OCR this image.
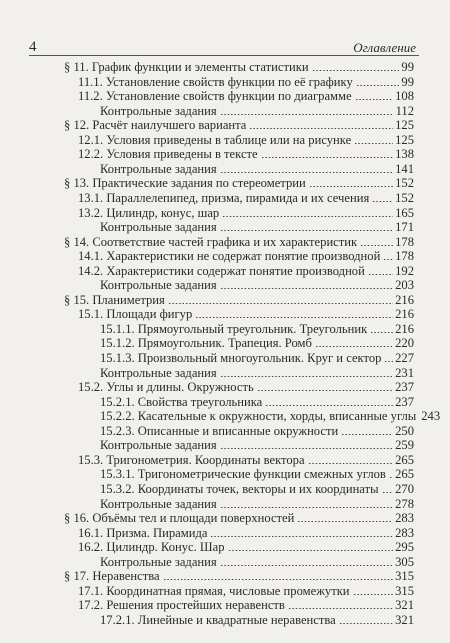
4	Оглавление
§ 11. График функции и элементы статистики	99
11.1. Установление свойств функции по её графику	99
11.2. Установление свойств функции по диаграмме	108
Контрольные задания	112
§ 12. Расчёт наилучшего варианта	125
12.1. Условия приведены в таблице или на рисунке	125
12.2. Условия приведены в тексте	138
Контрольные задания	141
§ 13. Практические задания по стереометрии	152
13.1. Параллелепипед, призма, пирамида и их сечения 152
13.2. Цилиндр, конус, шар	165
Контрольные задания	171
§ 14. Соответствие частей графика и их характеристик	178
14.1. Характеристики не содержат понятие производной 178
14.2. Характеристики содержат понятие производной 192
Контрольные задания	203
§ 15. Планиметрия	216
15.1. Площади фигур	216
15.1.1. Прямоугольный треугольник. Треугольник 216
15.1.2. Прямоугольник. Трапеция. Ромб	220
15.1.3. Произвольный многоугольник. Круг и сектор 227
Контрольные задания	231
15.2. Углы и длины. Окружность	237
15.2.1. Свойства треугольника	237
15.2.2. Касательные к окружности, хорды, вписанные углы 243
15.2.3. Описанные и вписанные окружности	250
Контрольные задания	259
15.3. Тригонометрия. Координаты вектора	265
15.3.1. Тригонометрические функции смежных углов 265
15.3.2. Координаты точек, векторы и их координаты 270
Контрольные задания	278
§ 16. Объёмы тел и площади поверхностей	283
16.1. Призма. Пирамида	283
16.2. Цилиндр. Конус. Шар	295
Контрольные задания	305
§ 17. Неравенства	315
17.1. Координатная прямая, числовые промежутки	315
17.2. Решения простейших неравенств	321
17.2.1. Линейные и квадратные неравенства	321
